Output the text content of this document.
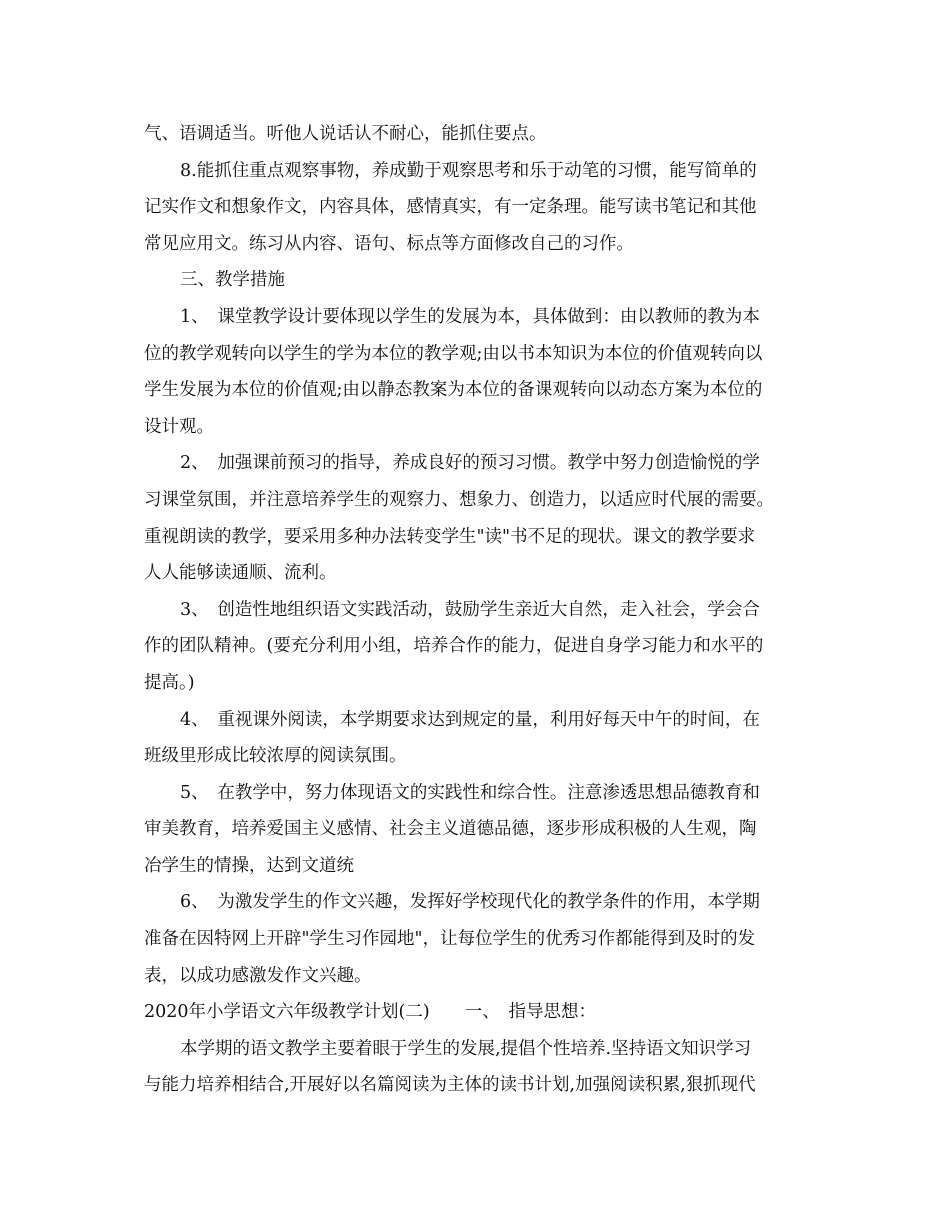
气、语调适当。听他人说话认不耐心，能抓住要点。
8.能抓住重点观察事物，养成勤于观察思考和乐于动笔的习惯，能写简单的
记实作文和想象作文，内容具体，感情真实，有一定条理。能写读书笔记和其他
常见应用文。练习从内容、语句、标点等方面修改自己的习作。
三、教学措施
1、　课堂教学设计要体现以学生的发展为本，具体做到：由以教师的教为本
位的教学观转向以学生的学为本位的教学观;由以书本知识为本位的价值观转向以
学生发展为本位的价值观;由以静态教案为本位的备课观转向以动态方案为本位的
设计观。
2、　加强课前预习的指导，养成良好的预习习惯。教学中努力创造愉悦的学
习课堂氛围，并注意培养学生的观察力、想象力、创造力，以适应时代展的需要。
重视朗读的教学，要采用多种办法转变学生"读"书不足的现状。课文的教学要求
人人能够读通顺、流利。
3、　创造性地组织语文实践活动，鼓励学生亲近大自然，走入社会，学会合
作的团队精神。(要充分利用小组，培养合作的能力，促进自身学习能力和水平的
提高。)
4、　重视课外阅读，本学期要求达到规定的量，利用好每天中午的时间，在
班级里形成比较浓厚的阅读氛围。
5、　在教学中，努力体现语文的实践性和综合性。注意渗透思想品德教育和
审美教育，培养爱国主义感情、社会主义道德品德，逐步形成积极的人生观，陶
冶学生的情操，达到文道统
6、　为激发学生的作文兴趣，发挥好学校现代化的教学条件的作用，本学期
准备在因特网上开辟"学生习作园地"，让每位学生的优秀习作都能得到及时的发
表，以成功感激发作文兴趣。
2020年小学语文六年级教学计划(二)　　一、　指导思想：
本学期的语文教学主要着眼于学生的发展,提倡个性培养.坚持语文知识学习
与能力培养相结合,开展好以名篇阅读为主体的读书计划,加强阅读积累,狠抓现代
